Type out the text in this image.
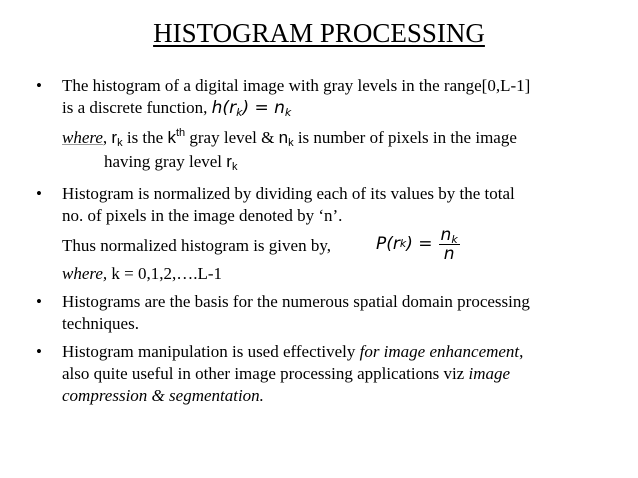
HISTOGRAM PROCESSING
• The histogram of a digital image with gray levels in the range[0,L-1]
is a discrete function, $h(r_k) = n_k$
where, $r_k$ is the $k^{th}$ gray level & $n_k$ is number of pixels in the image
having gray level $r_k$
• Histogram is normalized by dividing each of its values by the total
no. of pixels in the image denoted by ‘n’.
Thus normalized histogram is given by,	P(r k ) = $\frac{n_k}{n}$
where, k = 0,1,2,….L-1
• Histograms are the basis for the numerous spatial domain processing
techniques.
• Histogram manipulation is used effectively for image enhancement,
also quite useful in other image processing applications viz image
compression & segmentation.
